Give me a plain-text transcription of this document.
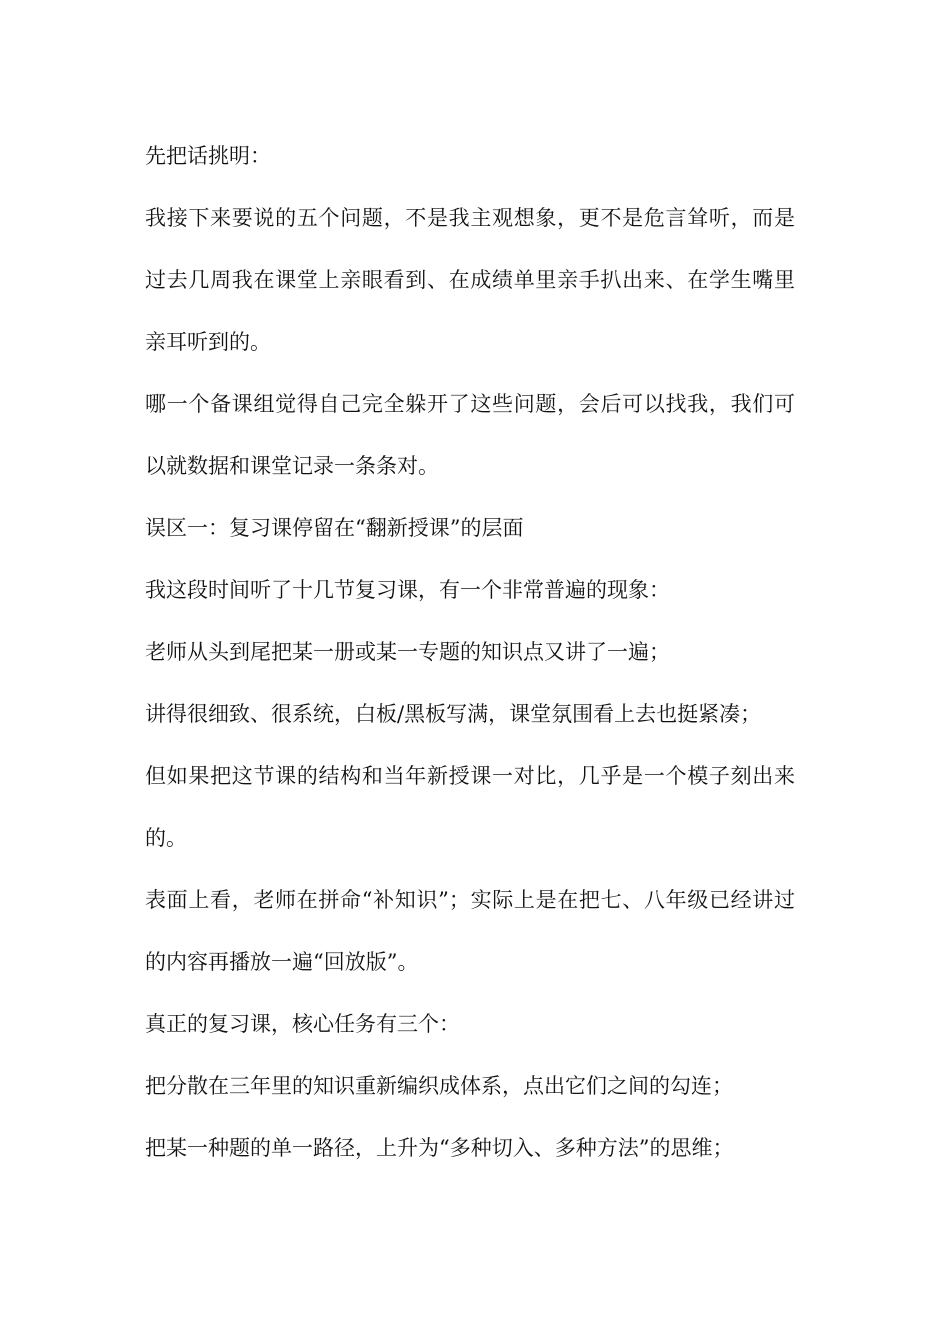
先把话挑明：

我接下来要说的五个问题，不是我主观想象，更不是危言耸听，而是过去几周我在课堂上亲眼看到、在成绩单里亲手扒出来、在学生嘴里亲耳听到的。

哪一个备课组觉得自己完全躲开了这些问题，会后可以找我，我们可以就数据和课堂记录一条条对。

误区一：复习课停留在“翻新授课”的层面

我这段时间听了十几节复习课，有一个非常普遍的现象：

老师从头到尾把某一册或某一专题的知识点又讲了一遍；

讲得很细致、很系统，白板/黑板写满，课堂氛围看上去也挺紧凑；

但如果把这节课的结构和当年新授课一对比，几乎是一个模子刻出来的。

表面上看，老师在拼命“补知识”；实际上是在把七、八年级已经讲过的内容再播放一遍“回放版”。

真正的复习课，核心任务有三个：

把分散在三年里的知识重新编织成体系，点出它们之间的勾连；

把某一种题的单一路径，上升为“多种切入、多种方法”的思维；
